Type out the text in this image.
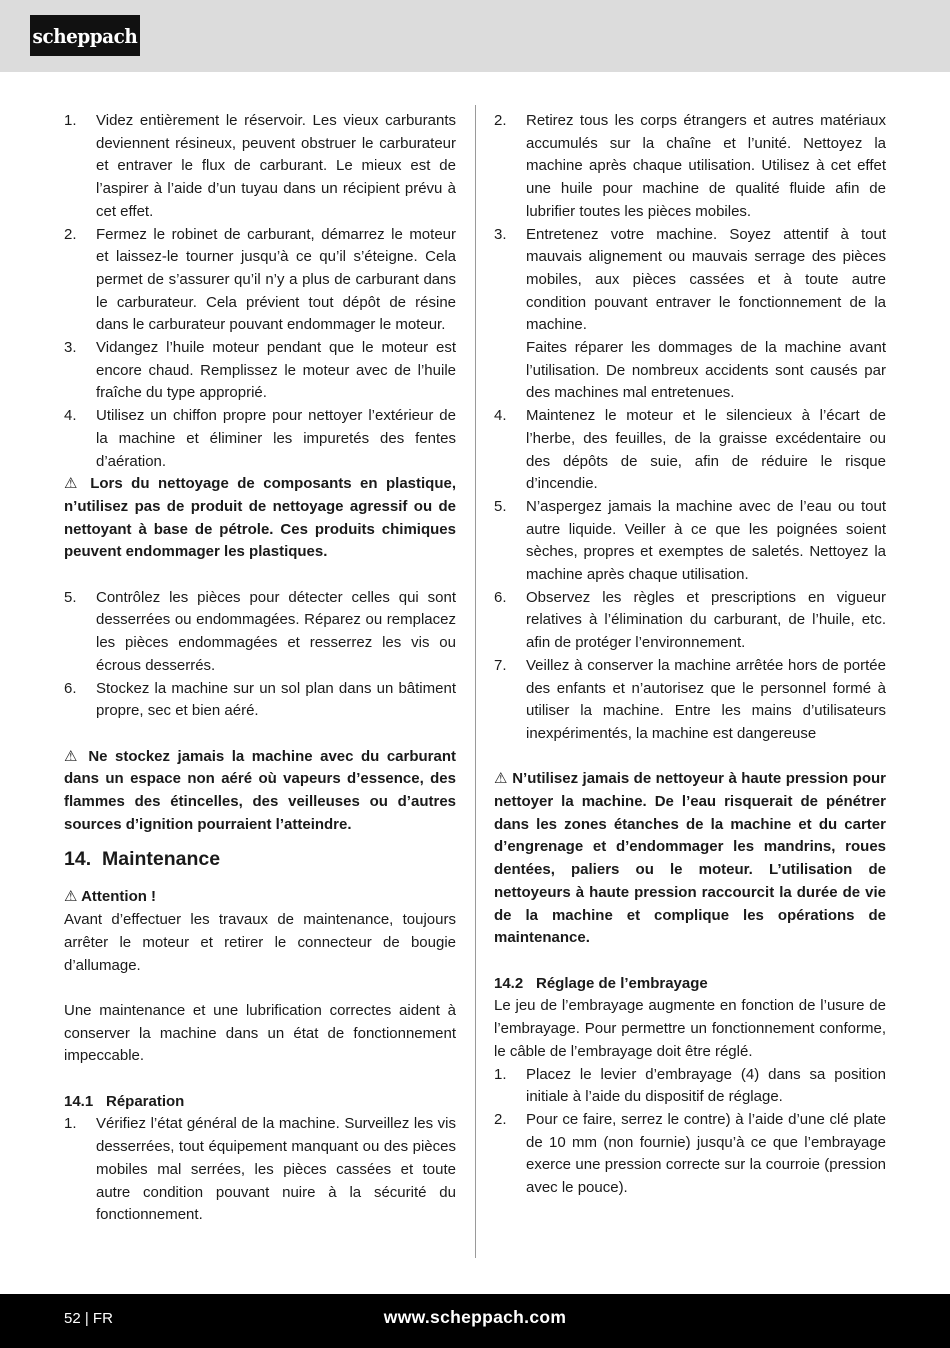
scheppach
1. Videz entièrement le réservoir. Les vieux carburants deviennent résineux, peuvent obstruer le carburateur et entraver le flux de carburant. Le mieux est de l’aspirer à l’aide d’un tuyau dans un récipient prévu à cet effet.
2. Fermez le robinet de carburant, démarrez le moteur et laissez-le tourner jusqu’à ce qu’il s’éteigne. Cela permet de s’assurer qu’il n’y a plus de carburant dans le carburateur. Cela prévient tout dépôt de résine dans le carburateur pouvant endommager le moteur.
3. Vidangez l’huile moteur pendant que le moteur est encore chaud. Remplissez le moteur avec de l’huile fraîche du type approprié.
4. Utilisez un chiffon propre pour nettoyer l’extérieur de la machine et éliminer les impuretés des fentes d’aération.
⚠ Lors du nettoyage de composants en plastique, n’utilisez pas de produit de nettoyage agressif ou de nettoyant à base de pétrole. Ces produits chimiques peuvent endommager les plastiques.
5. Contrôlez les pièces pour détecter celles qui sont desserrées ou endommagées. Réparez ou remplacez les pièces endommagées et resserrez les vis ou écrous desserrés.
6. Stockez la machine sur un sol plan dans un bâtiment propre, sec et bien aéré.
⚠ Ne stockez jamais la machine avec du carburant dans un espace non aéré où vapeurs d’essence, des flammes des étincelles, des veilleuses ou d’autres sources d’ignition pourraient l’atteindre.
14. Maintenance
⚠ Attention !
Avant d’effectuer les travaux de maintenance, toujours arrêter le moteur et retirer le connecteur de bougie d’allumage.
Une maintenance et une lubrification correctes aident à conserver la machine dans un état de fonctionnement impeccable.
14.1 Réparation
1. Vérifiez l’état général de la machine. Surveillez les vis desserrées, tout équipement manquant ou des pièces mobiles mal serrées, les pièces cassées et toute autre condition pouvant nuire à la sécurité du fonctionnement.
2. Retirez tous les corps étrangers et autres matériaux accumulés sur la chaîne et l’unité. Nettoyez la machine après chaque utilisation. Utilisez à cet effet une huile pour machine de qualité fluide afin de lubrifier toutes les pièces mobiles.
3. Entretenez votre machine. Soyez attentif à tout mauvais alignement ou mauvais serrage des pièces mobiles, aux pièces cassées et à toute autre condition pouvant entraver le fonctionnement de la machine.
Faites réparer les dommages de la machine avant l’utilisation. De nombreux accidents sont causés par des machines mal entretenues.
4. Maintenez le moteur et le silencieux à l’écart de l’herbe, des feuilles, de la graisse excédentaire ou des dépôts de suie, afin de réduire le risque d’incendie.
5. N’aspergez jamais la machine avec de l’eau ou tout autre liquide. Veiller à ce que les poignées soient sèches, propres et exemptes de saletés. Nettoyez la machine après chaque utilisation.
6. Observez les règles et prescriptions en vigueur relatives à l’élimination du carburant, de l’huile, etc. afin de protéger l’environnement.
7. Veillez à conserver la machine arrêtée hors de portée des enfants et n’autorisez que le personnel formé à utiliser la machine. Entre les mains d’utilisateurs inexpérimentés, la machine est dangereuse
⚠ N’utilisez jamais de nettoyeur à haute pression pour nettoyer la machine. De l’eau risquerait de pénétrer dans les zones étanches de la machine et du carter d’engrenage et d’endommager les mandrins, roues dentées, paliers ou le moteur. L’utilisation de nettoyeurs à haute pression raccourcit la durée de vie de la machine et complique les opérations de maintenance.
14.2 Réglage de l’embrayage
Le jeu de l’embrayage augmente en fonction de l’usure de l’embrayage. Pour permettre un fonctionnement conforme, le câble de l’embrayage doit être réglé.
1. Placez le levier d’embrayage (4) dans sa position initiale à l’aide du dispositif de réglage.
2. Pour ce faire, serrez le contre) à l’aide d’une clé plate de 10 mm (non fournie) jusqu’à ce que l’embrayage exerce une pression correcte sur la courroie (pression avec le pouce).
52 | FR	www.scheppach.com
